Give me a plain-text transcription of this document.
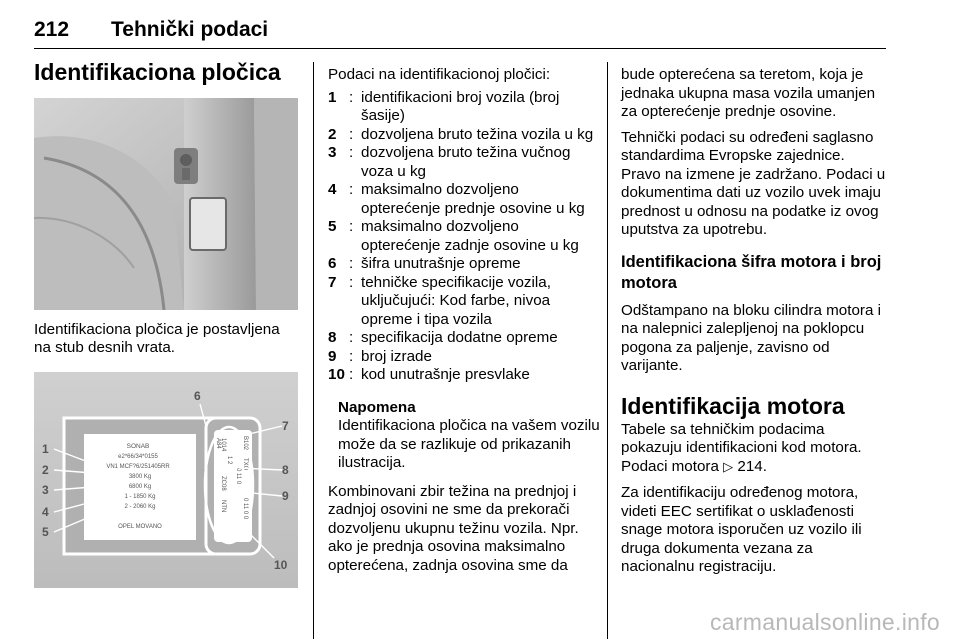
212 Tehnički podaci
Identifikaciona pločica

Identifikaciona pločica je postavljena na stub desnih vrata.

SONAB
e2*66/34*0155
VN1 MCF?6/251405RR
3800 Kg
6800 Kg
1 - 1850 Kg
2 - 2060 Kg
OPEL MOVANO
1014
A84
1 2
ZC08
NTN
B102
TXO
0 11 0
0 11 0 0
1
2
3
4
5
6
7
8
9
10

Podaci na identifikacionoj pločici:

1 : identifikacioni broj vozila (broj šasije)
2 : dozvoljena bruto težina vozila u kg
3 : dozvoljena bruto težina vučnog voza u kg
4 : maksimalno dozvoljeno opterećenje prednje osovine u kg
5 : maksimalno dozvoljeno opterećenje zadnje osovine u kg
6 : šifra unutrašnje opreme
7 : tehničke specifikacije vozila, uključujući: Kod farbe, nivoa opreme i tipa vozila
8 : specifikacija dodatne opreme
9 : broj izrade
10 : kod unutrašnje presvlake

Napomena

Identifikaciona pločica na vašem vozilu može da se razlikuje od prikazanih ilustracija.

Kombinovani zbir težina na prednjoj i zadnjoj osovini ne sme da prekorači dozvoljenu ukupnu težinu vozila. Npr. ako je prednja osovina maksimalno opterećena, zadnja osovina sme da

bude opterećena sa teretom, koja je jednaka ukupna masa vozila umanjen za opterećenje prednje osovine.

Tehnički podaci su određeni saglasno standardima Evropske zajednice. Pravo na izmene je zadržano. Podaci u dokumentima dati uz vozilo uvek imaju prednost u odnosu na podatke iz ovog uputstva za upotrebu.

Identifikaciona šifra motora i broj motora

Odštampano na bloku cilindra motora i na nalepnici zalepljenoj na poklopcu pogona za paljenje, zavisno od varijante.

Identifikacija motora

Tabele sa tehničkim podacima pokazuju identifikacioni kod motora. Podaci motora ▷ 214.

Za identifikaciju određenog motora, videti EEC sertifikat o usklađenosti snage motora isporučen uz vozilo ili druga dokumenta vezana za nacionalnu registraciju.

carmanualsonline.info
